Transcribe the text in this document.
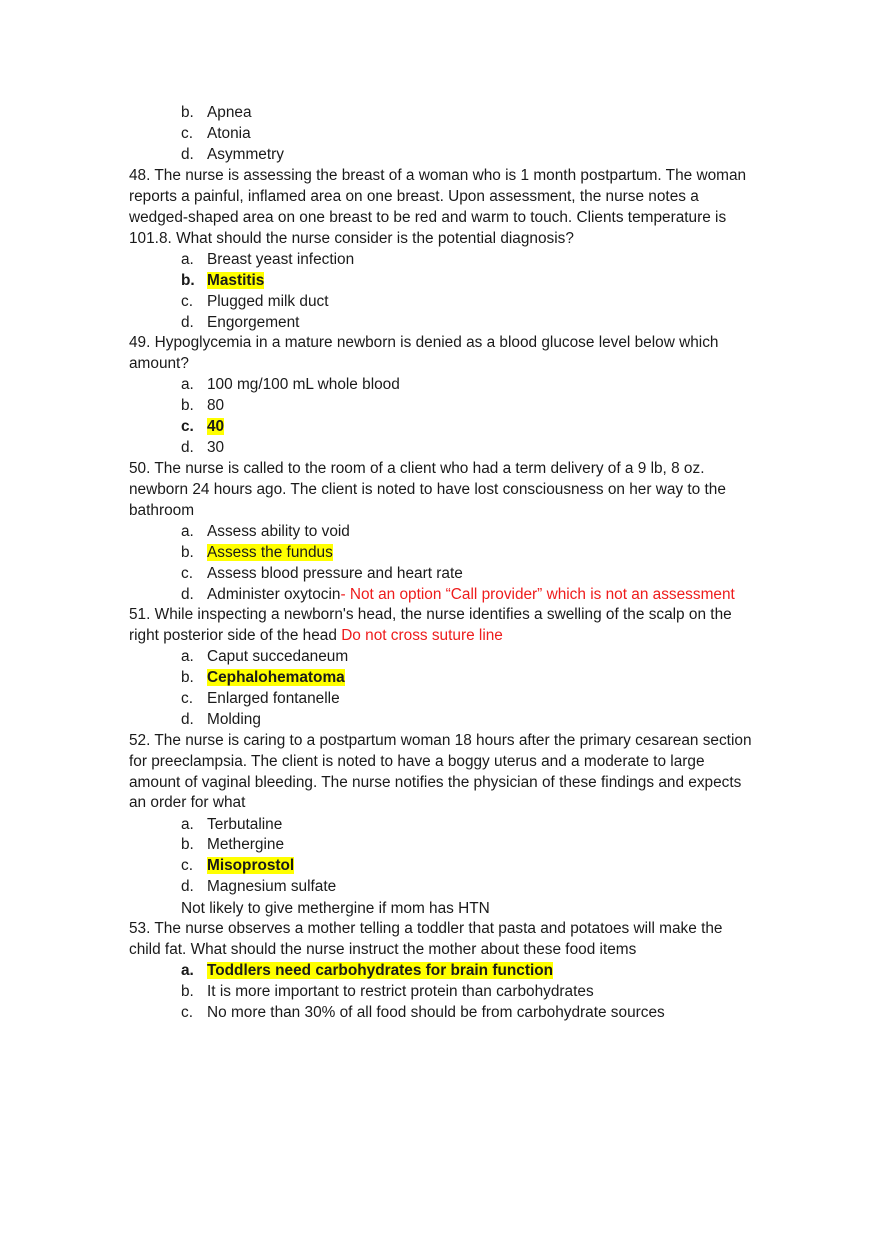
b. Apnea
c. Atonia
d. Asymmetry
48. The nurse is assessing the breast of a woman who is 1 month postpartum. The woman
reports a painful, inflamed area on one breast. Upon assessment, the nurse notes a
wedged-shaped area on one breast to be red and warm to touch. Clients temperature is
101.8. What should the nurse consider is the potential diagnosis?
a. Breast yeast infection
b. Mastitis
c. Plugged milk duct
d. Engorgement
49. Hypoglycemia in a mature newborn is denied as a blood glucose level below which
amount?
a. 100 mg/100 mL whole blood
b. 80
c. 40
d. 30
50. The nurse is called to the room of a client who had a term delivery of a 9 lb, 8 oz.
newborn 24 hours ago. The client is noted to have lost consciousness on her way to the
bathroom
a. Assess ability to void
b. Assess the fundus
c. Assess blood pressure and heart rate
d. Administer oxytocin- Not an option “Call provider” which is not an assessment
51. While inspecting a newborn's head, the nurse identifies a swelling of the scalp on the
right posterior side of the head Do not cross suture line
a. Caput succedaneum
b. Cephalohematoma
c. Enlarged fontanelle
d. Molding
52. The nurse is caring to a postpartum woman 18 hours after the primary cesarean section
for preeclampsia. The client is noted to have a boggy uterus and a moderate to large
amount of vaginal bleeding. The nurse notifies the physician of these findings and expects
an order for what
a. Terbutaline
b. Methergine
c. Misoprostol
d. Magnesium sulfate
Not likely to give methergine if mom has HTN
53. The nurse observes a mother telling a toddler that pasta and potatoes will make the
child fat. What should the nurse instruct the mother about these food items
a. Toddlers need carbohydrates for brain function
b. It is more important to restrict protein than carbohydrates
c. No more than 30% of all food should be from carbohydrate sources
